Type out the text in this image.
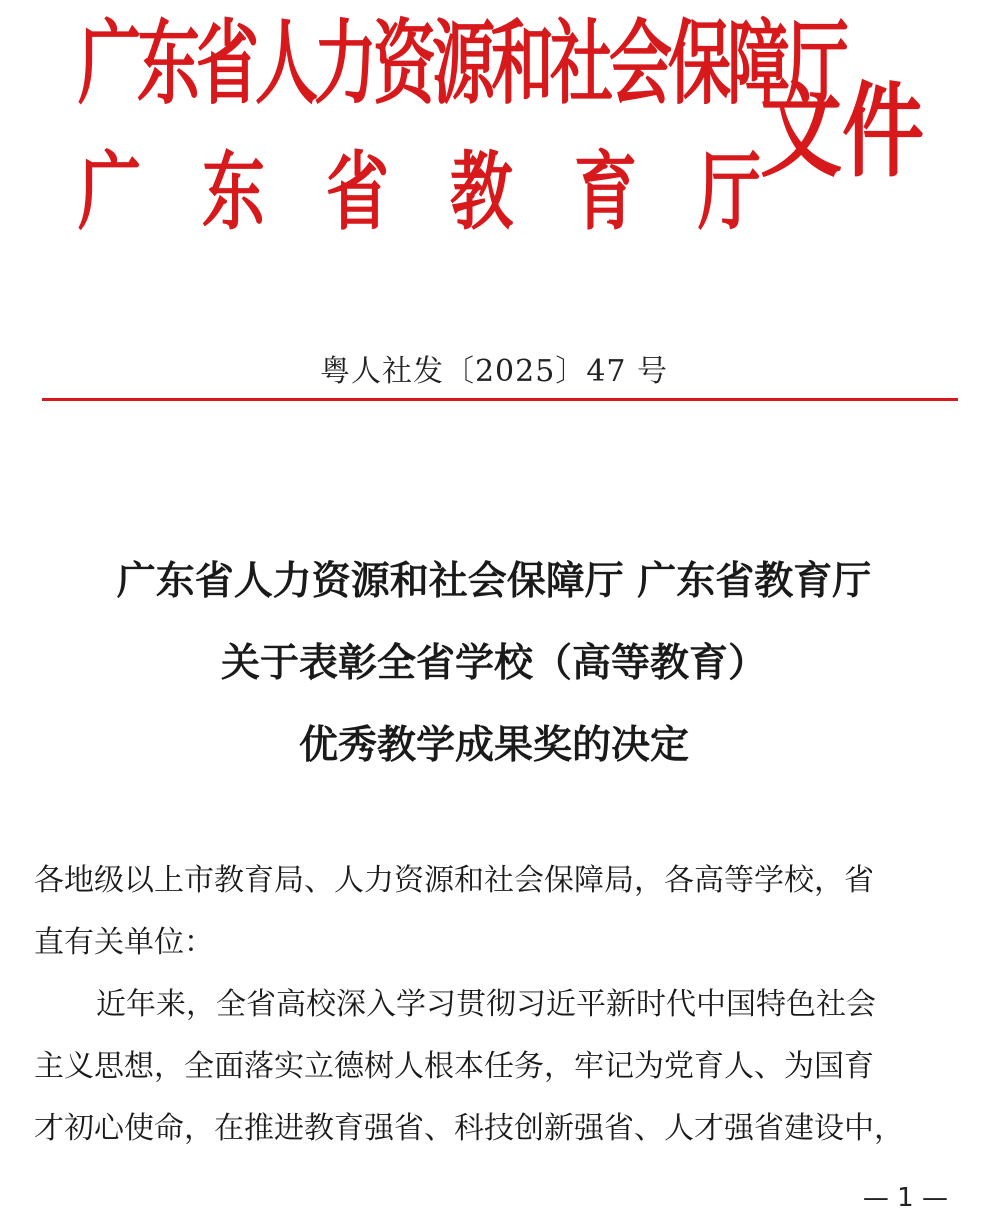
广东省人力资源和社会保障厅
广东省教育厅
文件
粤人社发〔2025〕47 号
广东省人力资源和社会保障厅 广东省教育厅
关于表彰全省学校（高等教育）
优秀教学成果奖的决定
各地级以上市教育局、人力资源和社会保障局，各高等学校，省
直有关单位：
近年来，全省高校深入学习贯彻习近平新时代中国特色社会
主义思想，全面落实立德树人根本任务，牢记为党育人、为国育
才初心使命，在推进教育强省、科技创新强省、人才强省建设中，
— 1 —
